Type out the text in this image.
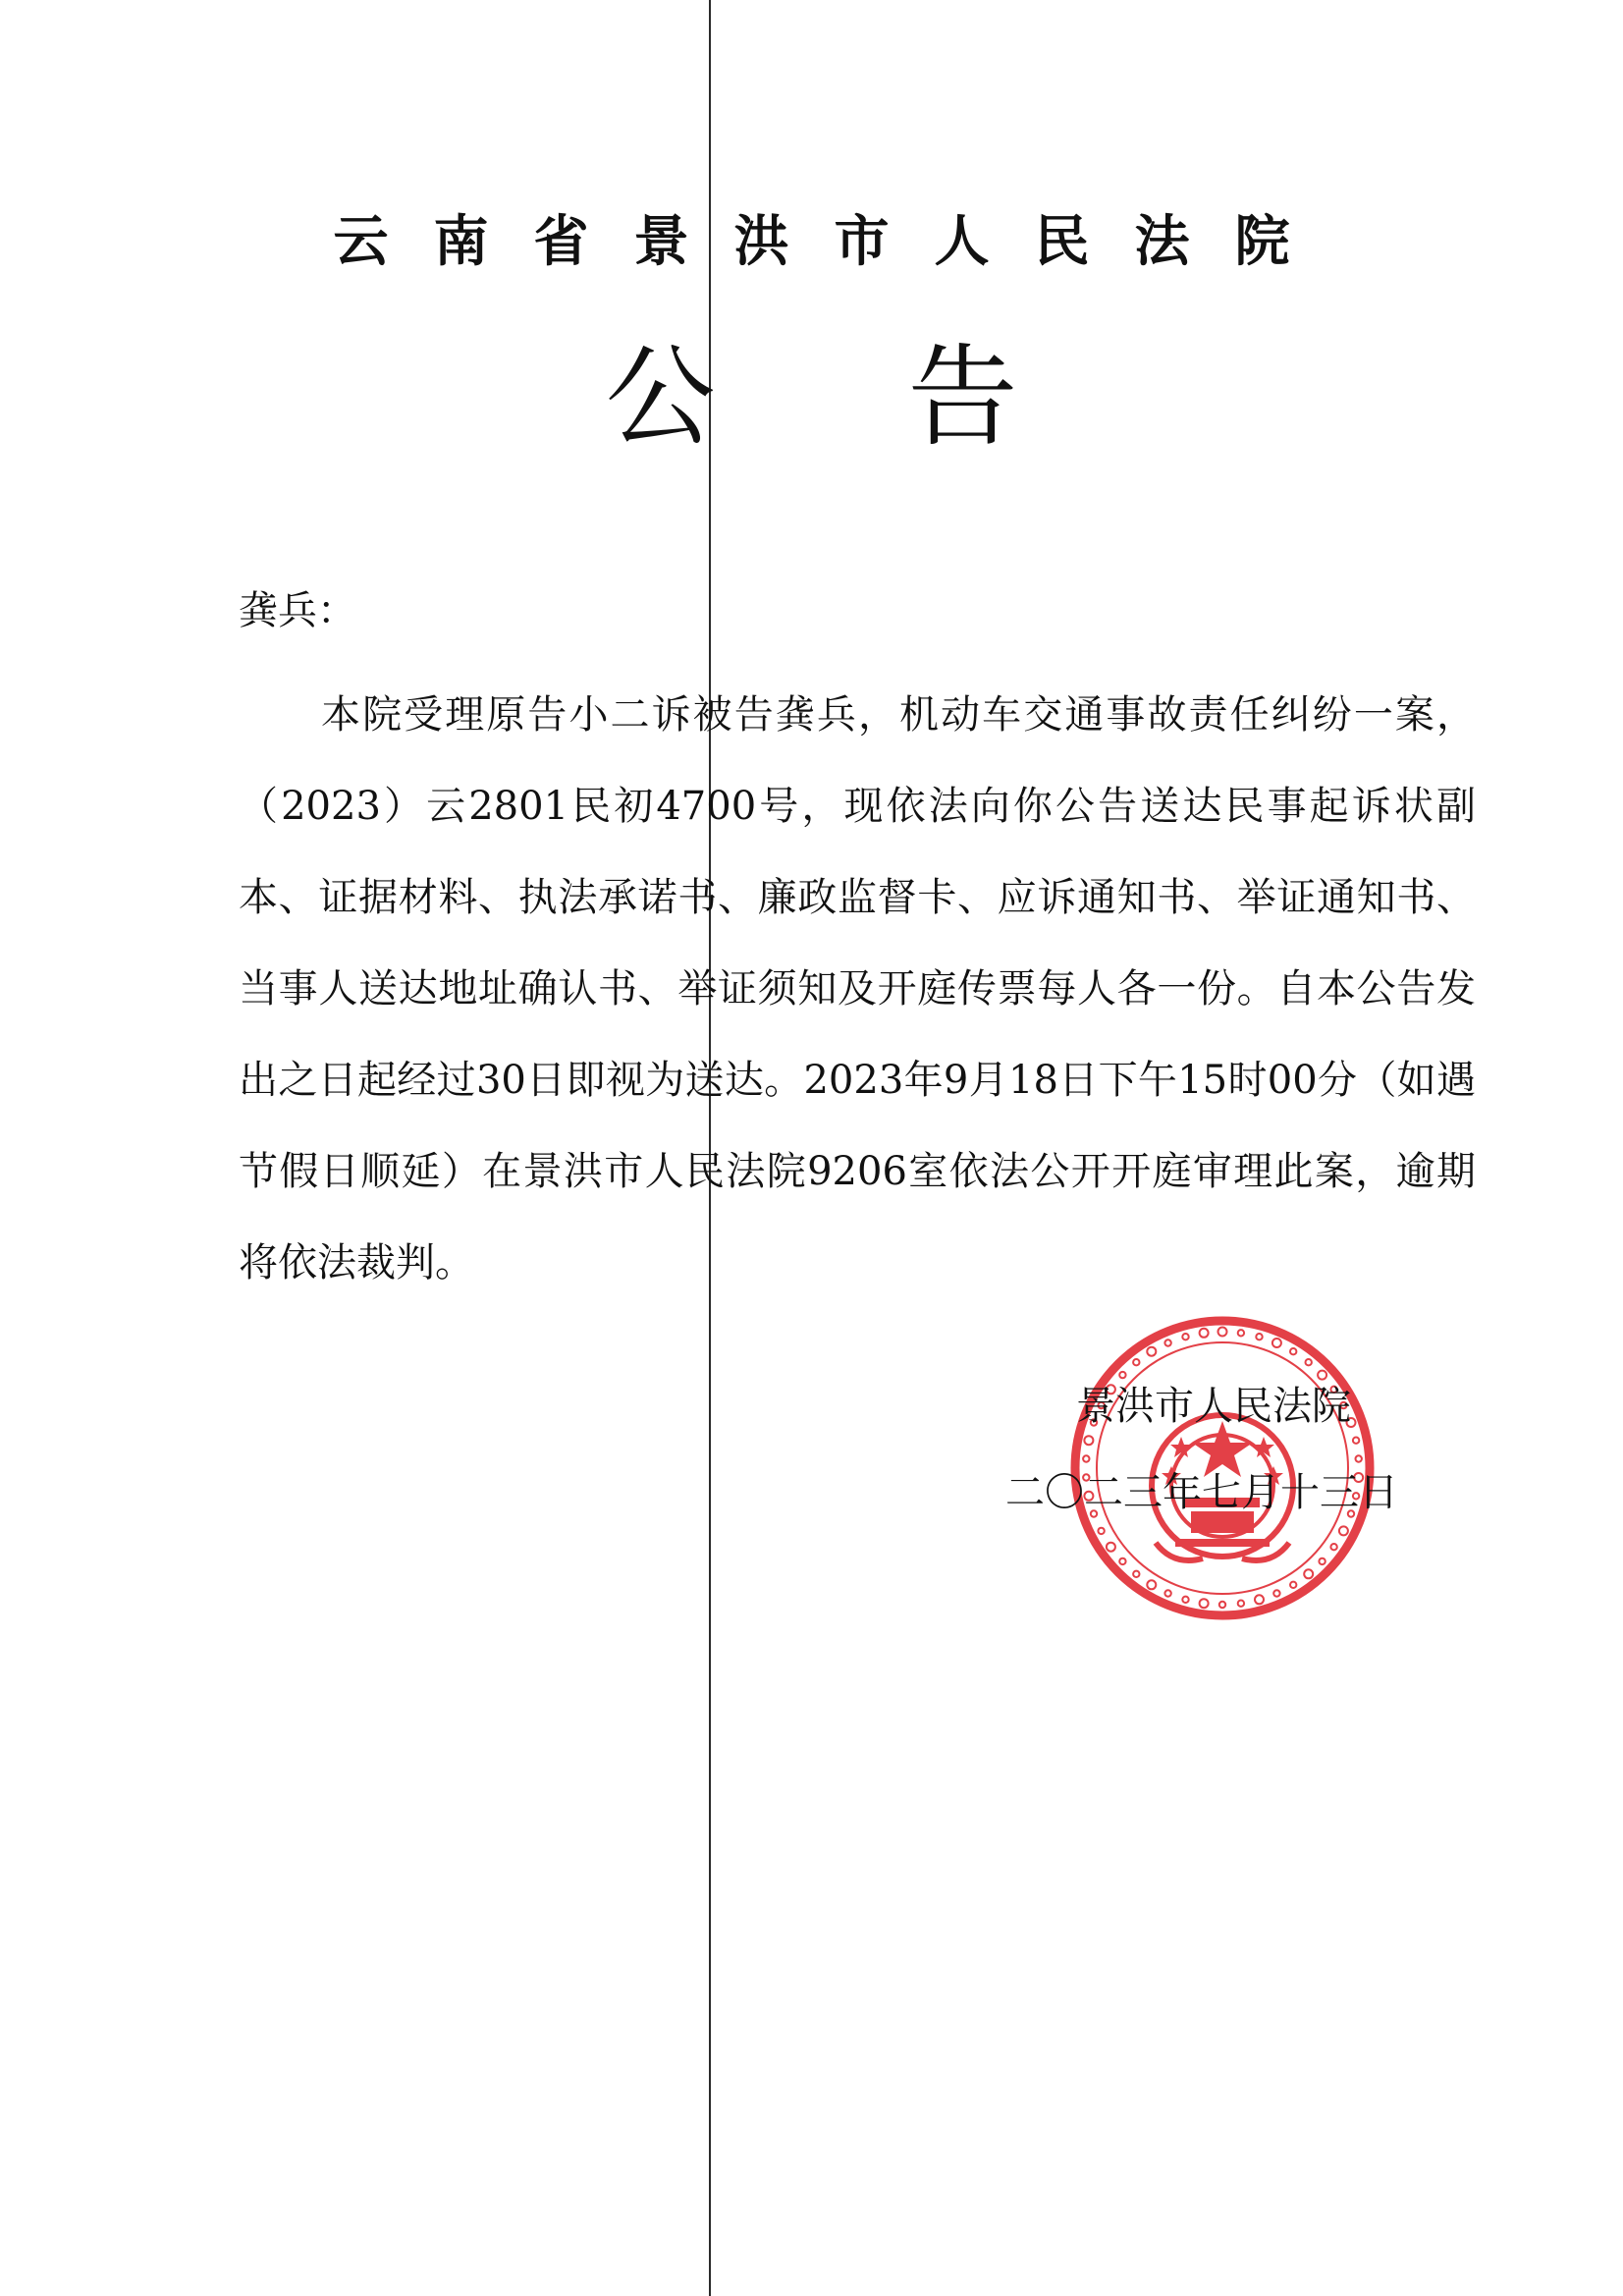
云南省景洪市人民法院
公告
龚兵：
本院受理原告小二诉被告龚兵，机动车交通事故责任纠纷一案，（2023）云2801民初4700号，现依法向你公告送达民事起诉状副本、证据材料、执法承诺书、廉政监督卡、应诉通知书、举证通知书、当事人送达地址确认书、举证须知及开庭传票每人各一份。自本公告发出之日起经过30日即视为送达。2023年9月18日下午15时00分（如遇节假日顺延）在景洪市人民法院9206室依法公开开庭审理此案，逾期将依法裁判。
景洪市人民法院
二〇二三年七月十三日
